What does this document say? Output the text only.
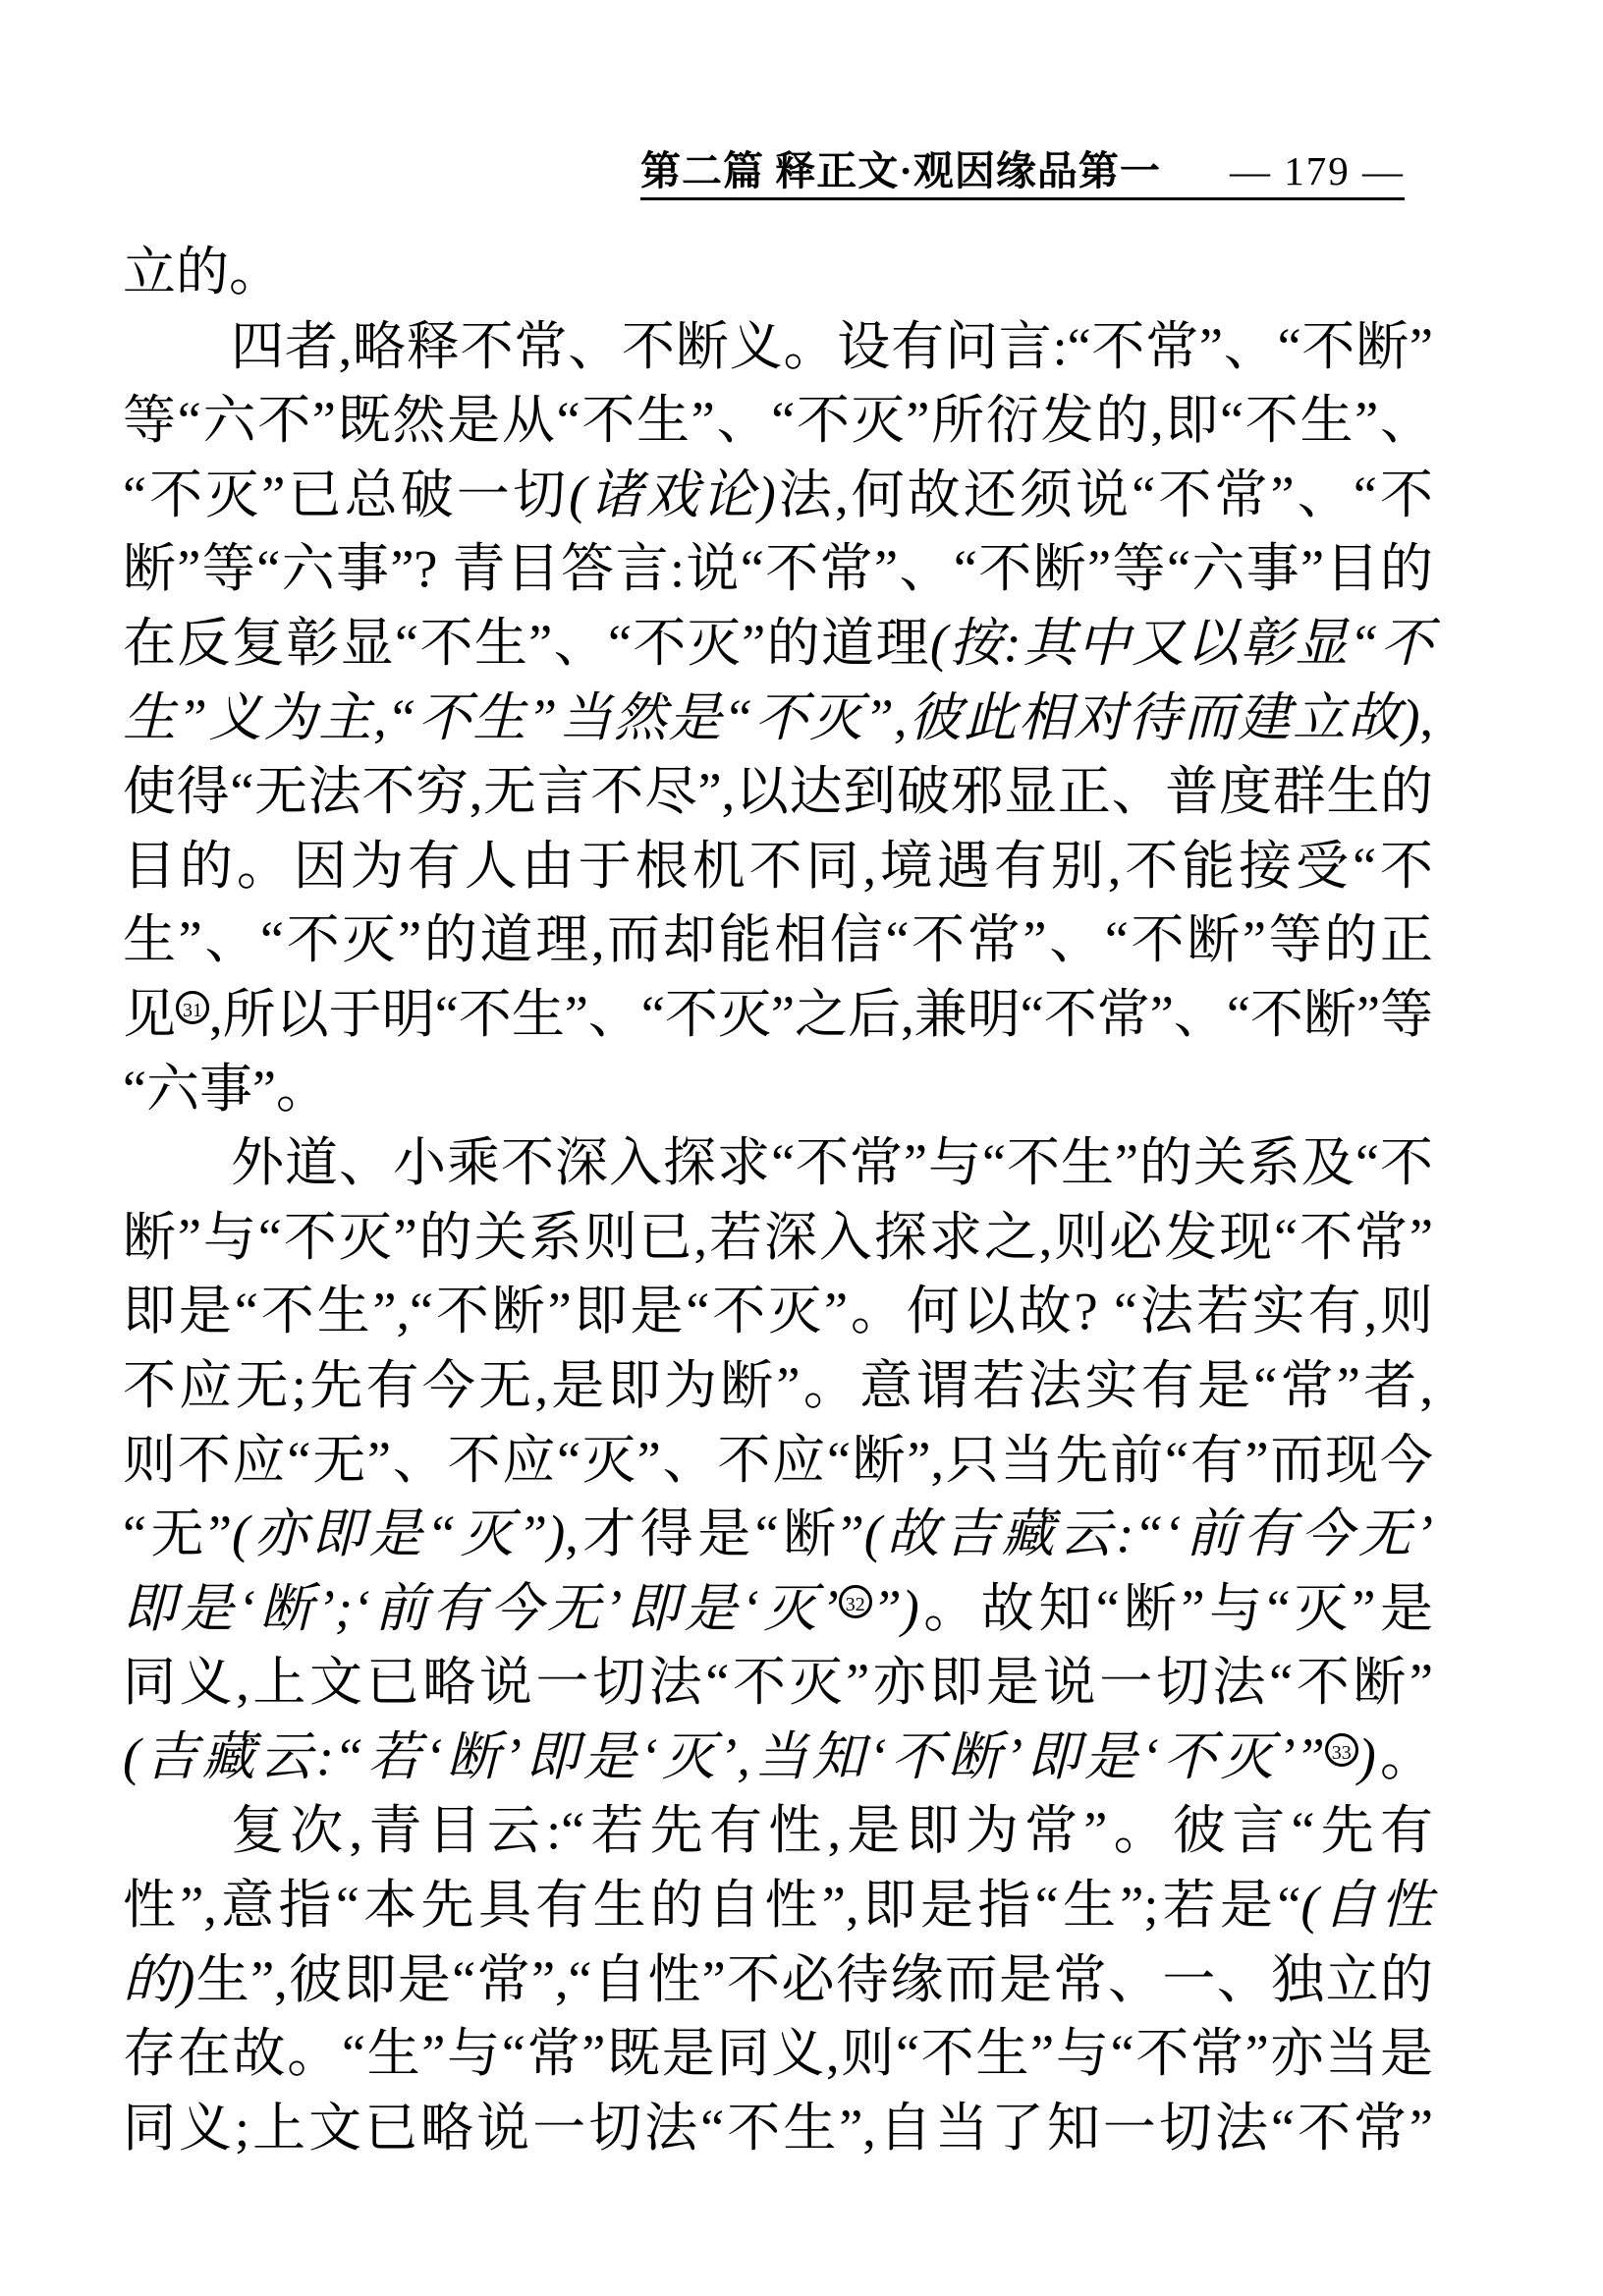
第二篇 释正文·观因缘品第一 — 179 —
立的。
四者,略释不常、不断义。设有问言:“不常”、“不断”
等“六不”既然是从“不生”、“不灭”所衍发的,即“不生”、
“不灭”已总破一切(诸戏论)法,何故还须说“不常”、“不
断”等“六事”? 青目答言:说“不常”、“不断”等“六事”目的
在反复彰显“不生”、“不灭”的道理(按:其中又以彰显“不
生”义为主,“不生”当然是“不灭”,彼此相对待而建立故),
使得“无法不穷,无言不尽”,以达到破邪显正、普度群生的
目的。因为有人由于根机不同,境遇有别,不能接受“不
生”、“不灭”的道理,而却能相信“不常”、“不断”等的正
见 31 ,所以于明“不生”、“不灭”之后,兼明“不常”、“不断”等
“六事”。
外道、小乘不深入探求“不常”与“不生”的关系及“不
断”与“不灭”的关系则已,若深入探求之,则必发现“不常”
即是“不生”,“不断”即是“不灭”。何以故? “法若实有,则
不应无;先有今无,是即为断”。意谓若法实有是“常”者,
则不应“无”、不应“灭”、不应“断”,只当先前“有”而现今
“无”(亦即是“灭”),才得是“断”(故吉藏云:“‘前有今无’
即是‘断’;‘前有今无’即是‘灭’ 32 ”)。故知“断”与“灭”是
同义,上文已略说一切法“不灭”亦即是说一切法“不断”
(吉藏云:“若‘断’即是‘灭’,当知‘不断’即是‘不灭’” 33 )。
复次,青目云:“若先有性,是即为常”。彼言“先有
性”,意指“本先具有生的自性”,即是指“生”;若是“(自性
的)生”,彼即是“常”,“自性”不必待缘而是常、一、独立的
存在故。“生”与“常”既是同义,则“不生”与“不常”亦当是
同义;上文已略说一切法“不生”,自当了知一切法“不常”
